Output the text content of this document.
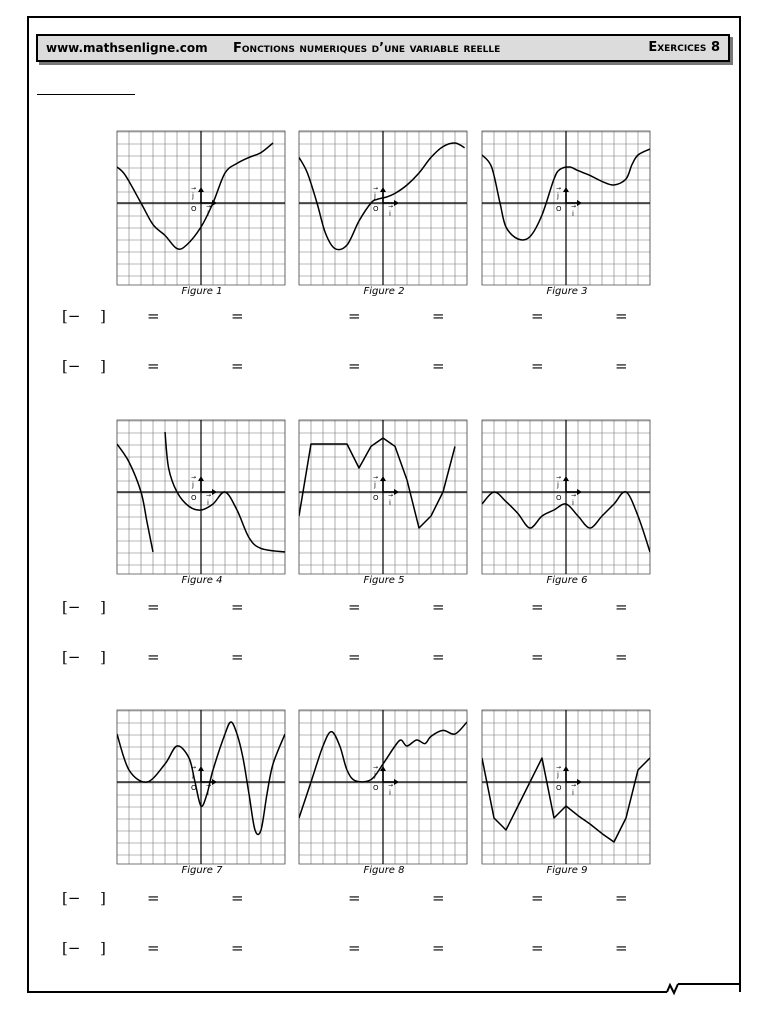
www.mathsenligne.com Fonctions numeriques d’une variable reelle	Exercices 8
O
i
→
j
→
Figure 1
O
i
→
j
→
Figure 2
O
i
→
j
→
Figure 3
O
i
→
j
→
Figure 4
O
i
→
j
→
Figure 5
O
i
→
j
→
Figure 6
O
i
→
j
→
Figure 7
O
i
→
j
→
Figure 8
O
i
→
j
→
Figure 9
[− ]	=	=	=	=	=	=
[− ]	=	=	=	=	=	=
[− ]	=	=	=	=	=	=
[− ]	=	=	=	=	=	=
[− ]	=	=	=	=	=	=
[− ]	=	=	=	=	=	=
